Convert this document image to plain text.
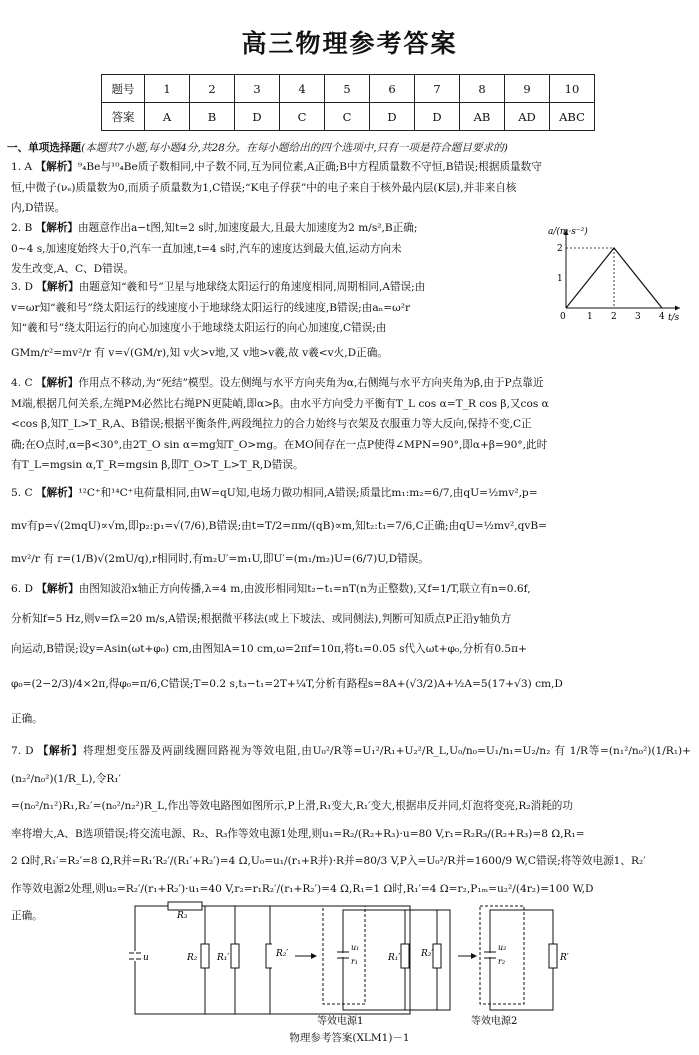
高三物理参考答案
题号	1	2	3	4	5	6	7	8	9	10
答案	A	B	D	C	C	D	D	AB	AD	ABC
一、单项选择题(本题共7小题,每小题4分,共28分。在每小题给出的四个选项中,只有一项是符合题目要求的)
1. A 【解析】⁹₄Be与¹⁰₄Be质子数相同,中子数不同,互为同位素,A正确;B中方程质量数不守恒,B错误;根据质量数守
恒,中微子(νₑ)质量数为0,而质子质量数为1,C错误;“K电子俘获”中的电子来自于核外最内层(K层),并非来自核
内,D错误。
2. B 【解析】由题意作出a−t图,知t=2 s时,加速度最大,且最大加速度为2 m/s²,B正确;
0~4 s,加速度始终大于0,汽车一直加速,t=4 s时,汽车的速度达到最大值,运动方向未
发生改变,A、C、D错误。
a/(m·s⁻²)
t/s
0 1 2 3 4
1
2
3. D 【解析】由题意知“羲和号”卫星与地球绕太阳运行的角速度相同,周期相同,A错误;由
v=ωr知“羲和号”绕太阳运行的线速度小于地球绕太阳运行的线速度,B错误;由aₙ=ω²r
知“羲和号”绕太阳运行的向心加速度小于地球绕太阳运行的向心加速度,C错误;由
GMm/r²=mv²/r 有 v=√(GM/r),知 v火>v地,又 v地>v羲,故 v羲<v火,D正确。
4. C 【解析】作用点不移动,为“死结”模型。设左侧绳与水平方向夹角为α,右侧绳与水平方向夹角为β,由于P点靠近
M端,根据几何关系,左绳PM必然比右绳PN更陡峭,即α>β。由水平方向受力平衡有T_L cos α=T_R cos β,又cos α
<cos β,知T_L>T_R,A、B错误;根据平衡条件,两段绳拉力的合力始终与衣架及衣服重力等大反向,保持不变,C正
确;在O点时,α=β<30°,由2T_O sin α=mg知T_O>mg。在MO间存在一点P使得∠MPN=90°,即α+β=90°,此时
有T_L=mgsin α,T_R=mgsin β,即T_O>T_L>T_R,D错误。
5. C 【解析】¹²C⁺和¹⁴C⁺电荷量相同,由W=qU知,电场力做功相同,A错误;质量比m₁:m₂=6/7,由qU=½mv²,p=
mv有p=√(2mqU)∝√m,即p₂:p₁=√(7/6),B错误;由t=T/2=πm/(qB)∝m,知t₂:t₁=7/6,C正确;由qU=½mv²,qvB=
mv²/r 有 r=(1/B)√(2mU/q),r相同时,有m₂U′=m₁U,即U′=(m₁/m₂)U=(6/7)U,D错误。
6. D 【解析】由图知波沿x轴正方向传播,λ=4 m,由波形相同知t₂−t₁=nT(n为正整数),又f=1/T,联立有n=0.6f,
分析知f=5 Hz,则v=fλ=20 m/s,A错误;根据微平移法(或上下坡法、或同侧法),判断可知质点P正沿y轴负方
向运动,B错误;设y=Asin(ωt+φ₀) cm,由图知A=10 cm,ω=2πf=10π,将t₁=0.05 s代入ωt+φ₀,分析有0.5π+
φ₀=(2−2/3)/4×2π,得φ₀=π/6,C错误;T=0.2 s,t₃−t₁=2T+¼T,分析有路程s=8A+(√3/2)A+½A=5(17+√3) cm,D
正确。
7. D 【解析】将理想变压器及两副线圈回路视为等效电阻,由U₀²/R等=U₁²/R₁+U₂²/R_L,U₀/n₀=U₁/n₁=U₂/n₂ 有 1/R等=(n₁²/n₀²)(1/R₁)+(n₂²/n₀²)(1/R_L),令R₁′
=(n₀²/n₁²)R₁,R₂′=(n₀²/n₂²)R_L,作出等效电路图如图所示,P上滑,R₁变大,R₁′变大,根据串反并同,灯泡将变亮,R₂消耗的功
率将增大,A、B选项错误;将交流电源、R₂、R₃作等效电源1处理,则u₁=R₂/(R₂+R₃)·u=80 V,r₁=R₂R₃/(R₂+R₃)=8 Ω,R₁=
2 Ω时,R₁′=R₂′=8 Ω,R并=R₁′R₂′/(R₁′+R₂′)=4 Ω,U₀=u₁/(r₁+R并)·R并=80/3 V,P入=U₀²/R并=1600/9 W,C错误;将等效电源1、R₂′
作等效电源2处理,则u₂=R₂′/(r₁+R₂′)·u₁=40 V,r₂=r₁R₂′/(r₁+R₂′)=4 Ω,R₁=1 Ω时,R₁′=4 Ω=r₂,P₁ₘ=u₂²/(4r₂)=100 W,D
正确。
u
R₃
R₂ R₁′	R₂′
u₁
r₁	R₁′ R₂′
等效电源1
u₂
r₂	R′
等效电源2
物理参考答案(XLM1)－1
